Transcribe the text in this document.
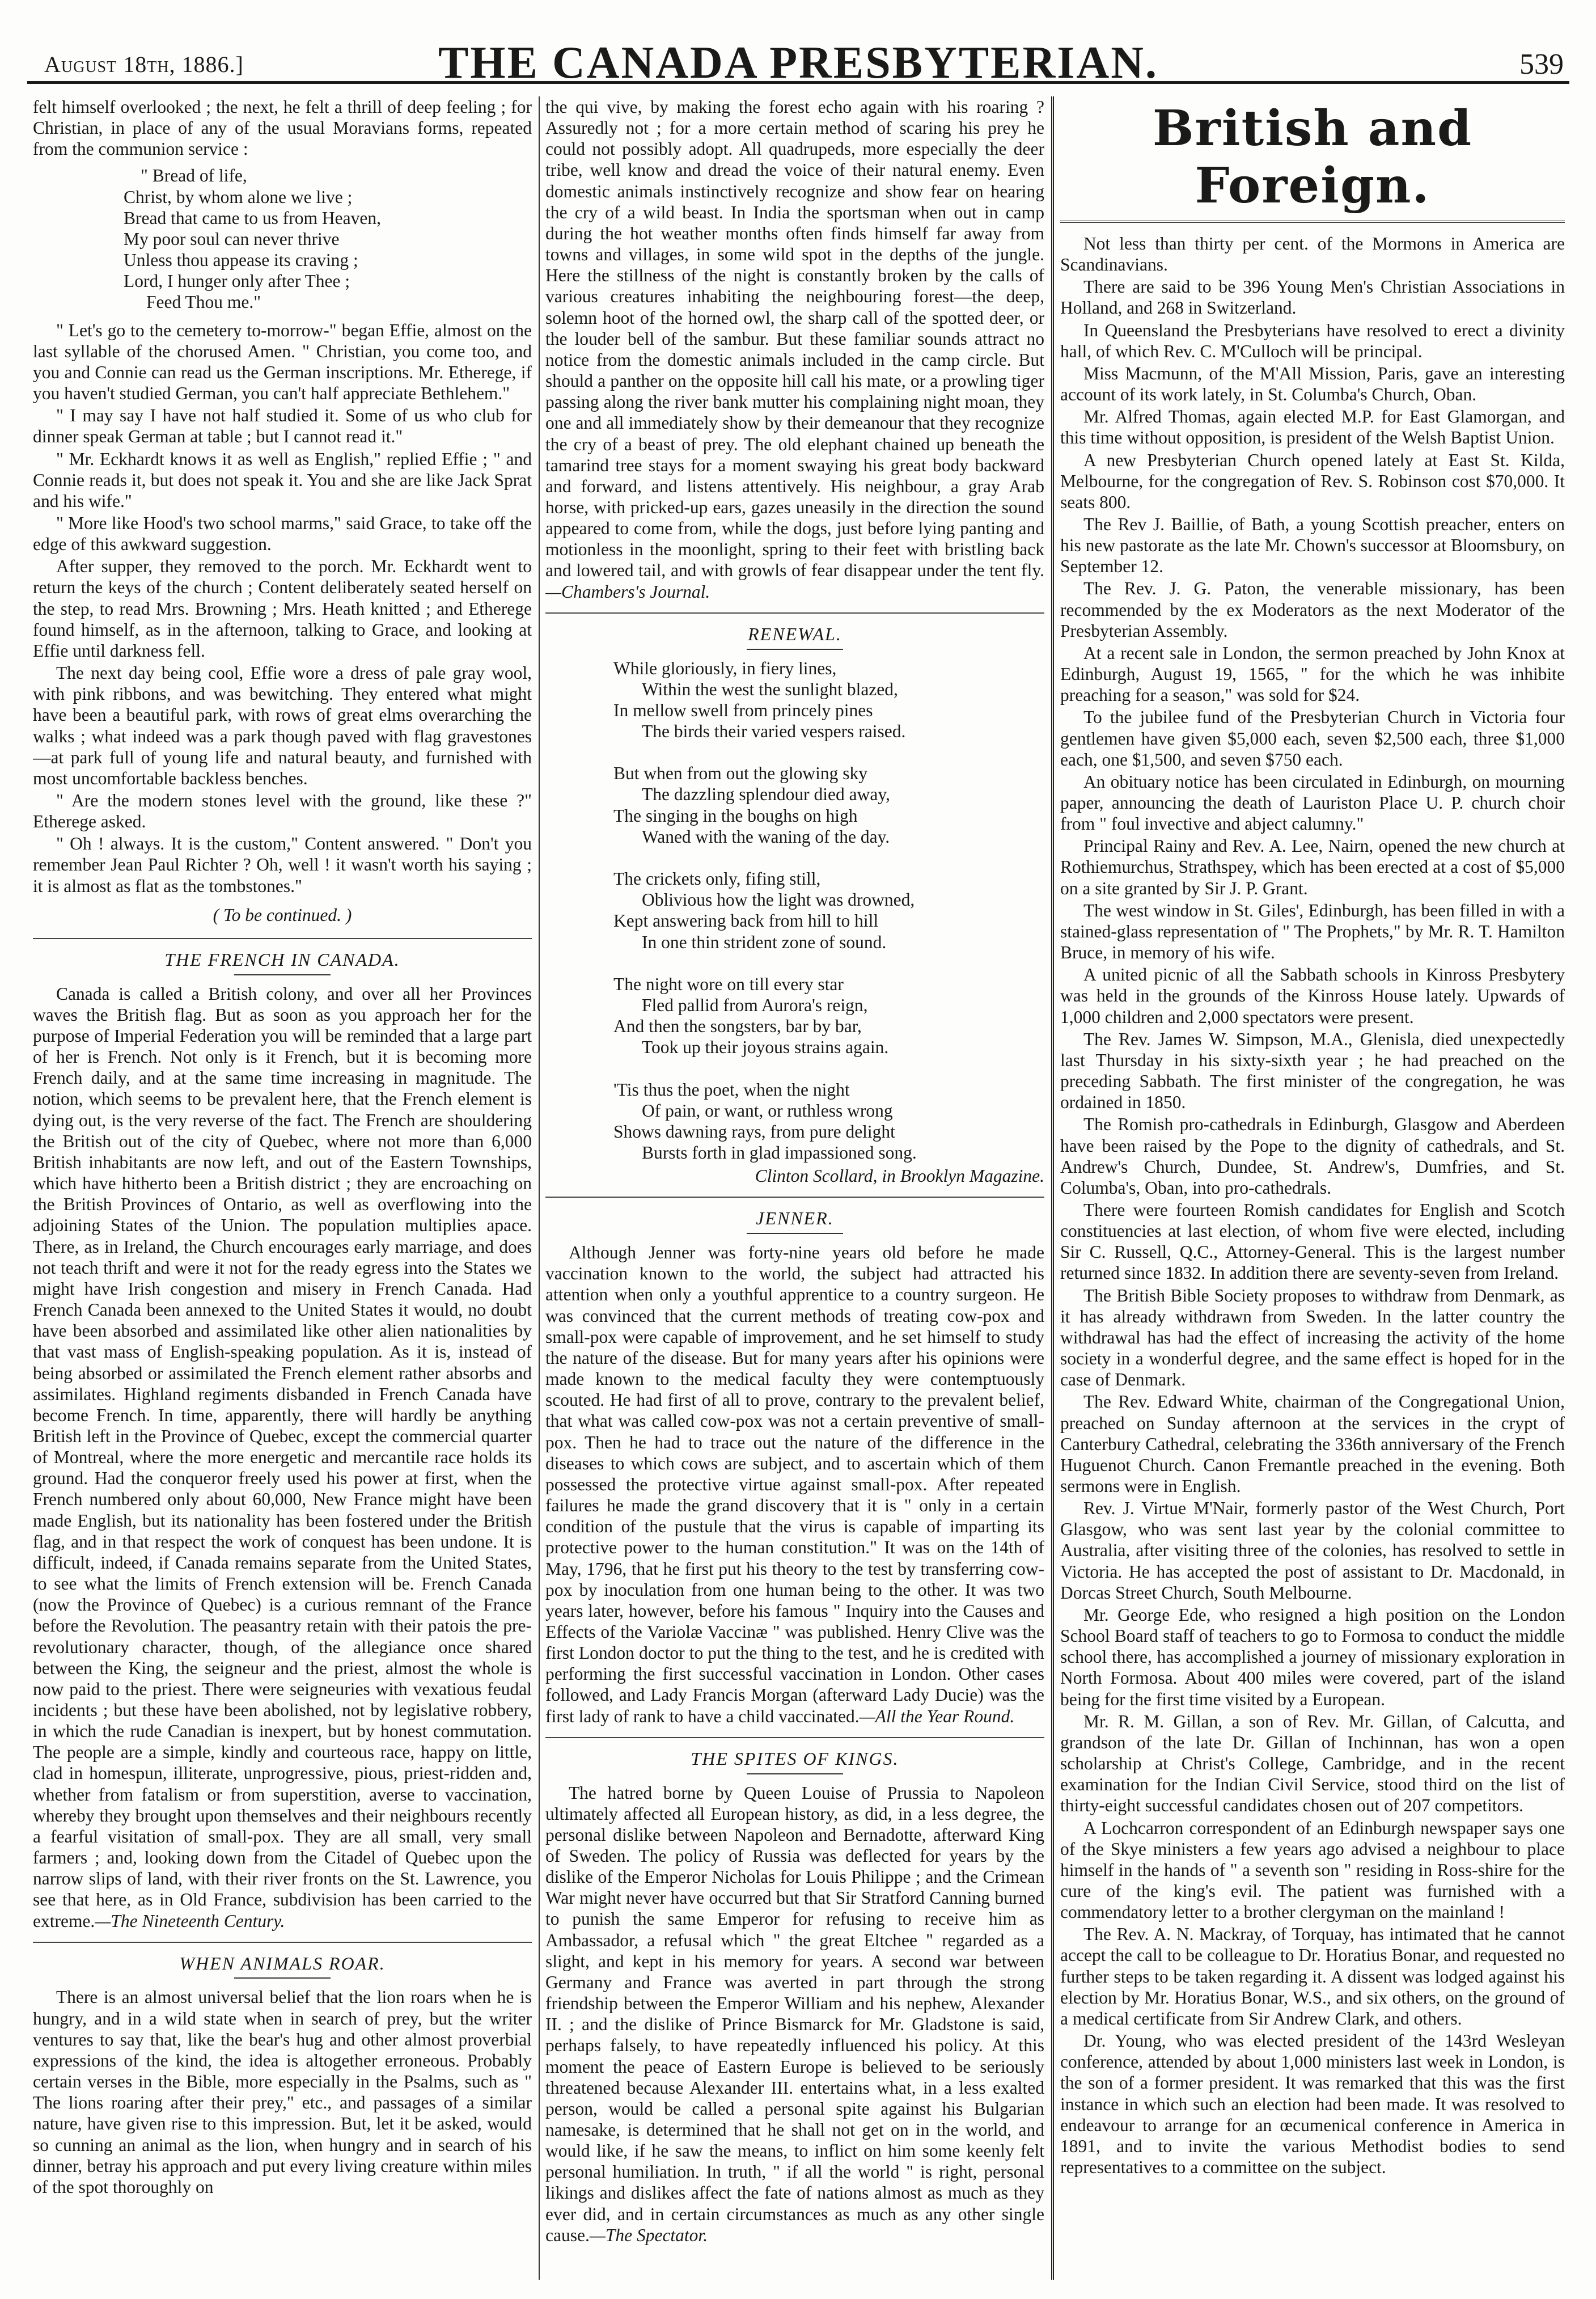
August 18th, 1886.]	THE CANADA PRESBYTERIAN.	539

felt himself overlooked ; the next, he felt a thrill of deep feeling ; for Christian, in place of any of the usual Moravians forms, repeated from the communion service :

" Bread of life,
Christ, by whom alone we live ;
Bread that came to us from Heaven,
My poor soul can never thrive
Unless thou appease its craving ;
Lord, I hunger only after Thee ;
Feed Thou me."

" Let's go to the cemetery to-morrow-" began Effie, almost on the last syllable of the chorused Amen. " Christian, you come too, and you and Connie can read us the German inscriptions. Mr. Etherege, if you haven't studied German, you can't half appreciate Bethlehem."

" I may say I have not half studied it. Some of us who club for dinner speak German at table ; but I cannot read it."

" Mr. Eckhardt knows it as well as English," replied Effie ; " and Connie reads it, but does not speak it. You and she are like Jack Sprat and his wife."

" More like Hood's two school marms," said Grace, to take off the edge of this awkward suggestion.

After supper, they removed to the porch. Mr. Eckhardt went to return the keys of the church ; Content deliberately seated herself on the step, to read Mrs. Browning ; Mrs. Heath knitted ; and Etherege found himself, as in the afternoon, talking to Grace, and looking at Effie until darkness fell.

The next day being cool, Effie wore a dress of pale gray wool, with pink ribbons, and was bewitching. They entered what might have been a beautiful park, with rows of great elms overarching the walks ; what indeed was a park though paved with flag gravestones—at park full of young life and natural beauty, and furnished with most uncomfortable backless benches.

" Are the modern stones level with the ground, like these ?" Etherege asked.

" Oh ! always. It is the custom," Content answered. " Don't you remember Jean Paul Richter ? Oh, well ! it wasn't worth his saying ; it is almost as flat as the tombstones."

( To be continued. )
THE FRENCH IN CANADA.

Canada is called a British colony, and over all her Provinces waves the British flag. But as soon as you approach her for the purpose of Imperial Federation you will be reminded that a large part of her is French. Not only is it French, but it is becoming more French daily, and at the same time increasing in magnitude. The notion, which seems to be prevalent here, that the French element is dying out, is the very reverse of the fact. The French are shouldering the British out of the city of Quebec, where not more than 6,000 British inhabitants are now left, and out of the Eastern Townships, which have hitherto been a British district ; they are encroaching on the British Provinces of Ontario, as well as overflowing into the adjoining States of the Union. The population multiplies apace. There, as in Ireland, the Church encourages early marriage, and does not teach thrift and were it not for the ready egress into the States we might have Irish congestion and misery in French Canada. Had French Canada been annexed to the United States it would, no doubt have been absorbed and assimilated like other alien nationalities by that vast mass of English-speaking population. As it is, instead of being absorbed or assimilated the French element rather absorbs and assimilates. Highland regiments disbanded in French Canada have become French. In time, apparently, there will hardly be anything British left in the Province of Quebec, except the commercial quarter of Montreal, where the more energetic and mercantile race holds its ground. Had the conqueror freely used his power at first, when the French numbered only about 60,000, New France might have been made English, but its nationality has been fostered under the British flag, and in that respect the work of conquest has been undone. It is difficult, indeed, if Canada remains separate from the United States, to see what the limits of French extension will be. French Canada (now the Province of Quebec) is a curious remnant of the France before the Revolution. The peasantry retain with their patois the pre-revolutionary character, though, of the allegiance once shared between the King, the seigneur and the priest, almost the whole is now paid to the priest. There were seigneuries with vexatious feudal incidents ; but these have been abolished, not by legislative robbery, in which the rude Canadian is inexpert, but by honest commutation. The people are a simple, kindly and courteous race, happy on little, clad in homespun, illiterate, unprogressive, pious, priest-ridden and, whether from fatalism or from superstition, averse to vaccination, whereby they brought upon themselves and their neighbours recently a fearful visitation of small-pox. They are all small, very small farmers ; and, looking down from the Citadel of Quebec upon the narrow slips of land, with their river fronts on the St. Lawrence, you see that here, as in Old France, subdivision has been carried to the extreme.—The Nineteenth Century.

WHEN ANIMALS ROAR.

There is an almost universal belief that the lion roars when he is hungry, and in a wild state when in search of prey, but the writer ventures to say that, like the bear's hug and other almost proverbial expressions of the kind, the idea is altogether erroneous. Probably certain verses in the Bible, more especially in the Psalms, such as " The lions roaring after their prey," etc., and passages of a similar nature, have given rise to this impression. But, let it be asked, would so cunning an animal as the lion, when hungry and in search of his dinner, betray his approach and put every living creature within miles of the spot thoroughly on

the qui vive, by making the forest echo again with his roaring ? Assuredly not ; for a more certain method of scaring his prey he could not possibly adopt. All quadrupeds, more especially the deer tribe, well know and dread the voice of their natural enemy. Even domestic animals instinctively recognize and show fear on hearing the cry of a wild beast. In India the sportsman when out in camp during the hot weather months often finds himself far away from towns and villages, in some wild spot in the depths of the jungle. Here the stillness of the night is constantly broken by the calls of various creatures inhabiting the neighbouring forest—the deep, solemn hoot of the horned owl, the sharp call of the spotted deer, or the louder bell of the sambur. But these familiar sounds attract no notice from the domestic animals included in the camp circle. But should a panther on the opposite hill call his mate, or a prowling tiger passing along the river bank mutter his complaining night moan, they one and all immediately show by their demeanour that they recognize the cry of a beast of prey. The old elephant chained up beneath the tamarind tree stays for a moment swaying his great body backward and forward, and listens attentively. His neighbour, a gray Arab horse, with pricked-up ears, gazes uneasily in the direction the sound appeared to come from, while the dogs, just before lying panting and motionless in the moonlight, spring to their feet with bristling back and lowered tail, and with growls of fear disappear under the tent fly.—Chambers's Journal.

RENEWAL.
While gloriously, in fiery lines,
Within the west the sunlight blazed,
In mellow swell from princely pines
The birds their varied vespers raised.

But when from out the glowing sky
The dazzling splendour died away,
The singing in the boughs on high
Waned with the waning of the day.

The crickets only, fifing still,
Oblivious how the light was drowned,
Kept answering back from hill to hill
In one thin strident zone of sound.

The night wore on till every star
Fled pallid from Aurora's reign,
And then the songsters, bar by bar,
Took up their joyous strains again.

'Tis thus the poet, when the night
Of pain, or want, or ruthless wrong
Shows dawning rays, from pure delight
Bursts forth in glad impassioned song.
Clinton Scollard, in Brooklyn Magazine.
JENNER.

Although Jenner was forty-nine years old before he made vaccination known to the world, the subject had attracted his attention when only a youthful apprentice to a country surgeon. He was convinced that the current methods of treating cow-pox and small-pox were capable of improvement, and he set himself to study the nature of the disease. But for many years after his opinions were made known to the medical faculty they were contemptuously scouted. He had first of all to prove, contrary to the prevalent belief, that what was called cow-pox was not a certain preventive of small-pox. Then he had to trace out the nature of the difference in the diseases to which cows are subject, and to ascertain which of them possessed the protective virtue against small-pox. After repeated failures he made the grand discovery that it is " only in a certain condition of the pustule that the virus is capable of imparting its protective power to the human constitution." It was on the 14th of May, 1796, that he first put his theory to the test by transferring cow-pox by inoculation from one human being to the other. It was two years later, however, before his famous " Inquiry into the Causes and Effects of the Variolæ Vaccinæ " was published. Henry Clive was the first London doctor to put the thing to the test, and he is credited with performing the first successful vaccination in London. Other cases followed, and Lady Francis Morgan (afterward Lady Ducie) was the first lady of rank to have a child vaccinated.—All the Year Round.

THE SPITES OF KINGS.

The hatred borne by Queen Louise of Prussia to Napoleon ultimately affected all European history, as did, in a less degree, the personal dislike between Napoleon and Bernadotte, afterward King of Sweden. The policy of Russia was deflected for years by the dislike of the Emperor Nicholas for Louis Philippe ; and the Crimean War might never have occurred but that Sir Stratford Canning burned to punish the same Emperor for refusing to receive him as Ambassador, a refusal which " the great Eltchee " regarded as a slight, and kept in his memory for years. A second war between Germany and France was averted in part through the strong friendship between the Emperor William and his nephew, Alexander II. ; and the dislike of Prince Bismarck for Mr. Gladstone is said, perhaps falsely, to have repeatedly influenced his policy. At this moment the peace of Eastern Europe is believed to be seriously threatened because Alexander III. entertains what, in a less exalted person, would be called a personal spite against his Bulgarian namesake, is determined that he shall not get on in the world, and would like, if he saw the means, to inflict on him some keenly felt personal humiliation. In truth, " if all the world " is right, personal likings and dislikes affect the fate of nations almost as much as they ever did, and in certain circumstances as much as any other single cause.—The Spectator.

British and Foreign.

Not less than thirty per cent. of the Mormons in America are Scandinavians.

There are said to be 396 Young Men's Christian Associations in Holland, and 268 in Switzerland.

In Queensland the Presbyterians have resolved to erect a divinity hall, of which Rev. C. M'Culloch will be principal.

Miss Macmunn, of the M'All Mission, Paris, gave an interesting account of its work lately, in St. Columba's Church, Oban.

Mr. Alfred Thomas, again elected M.P. for East Glamorgan, and this time without opposition, is president of the Welsh Baptist Union.

A new Presbyterian Church opened lately at East St. Kilda, Melbourne, for the congregation of Rev. S. Robinson cost $70,000. It seats 800.

The Rev J. Baillie, of Bath, a young Scottish preacher, enters on his new pastorate as the late Mr. Chown's successor at Bloomsbury, on September 12.

The Rev. J. G. Paton, the venerable missionary, has been recommended by the ex Moderators as the next Moderator of the Presbyterian Assembly.

At a recent sale in London, the sermon preached by John Knox at Edinburgh, August 19, 1565, " for the which he was inhibite preaching for a season," was sold for $24.

To the jubilee fund of the Presbyterian Church in Victoria four gentlemen have given $5,000 each, seven $2,500 each, three $1,000 each, one $1,500, and seven $750 each.

An obituary notice has been circulated in Edinburgh, on mourning paper, announcing the death of Lauriston Place U. P. church choir from " foul invective and abject calumny."

Principal Rainy and Rev. A. Lee, Nairn, opened the new church at Rothiemurchus, Strathspey, which has been erected at a cost of $5,000 on a site granted by Sir J. P. Grant.

The west window in St. Giles', Edinburgh, has been filled in with a stained-glass representation of " The Prophets," by Mr. R. T. Hamilton Bruce, in memory of his wife.

A united picnic of all the Sabbath schools in Kinross Presbytery was held in the grounds of the Kinross House lately. Upwards of 1,000 children and 2,000 spectators were present.

The Rev. James W. Simpson, M.A., Glenisla, died unexpectedly last Thursday in his sixty-sixth year ; he had preached on the preceding Sabbath. The first minister of the congregation, he was ordained in 1850.

The Romish pro-cathedrals in Edinburgh, Glasgow and Aberdeen have been raised by the Pope to the dignity of cathedrals, and St. Andrew's Church, Dundee, St. Andrew's, Dumfries, and St. Columba's, Oban, into pro-cathedrals.

There were fourteen Romish candidates for English and Scotch constituencies at last election, of whom five were elected, including Sir C. Russell, Q.C., Attorney-General. This is the largest number returned since 1832. In addition there are seventy-seven from Ireland.

The British Bible Society proposes to withdraw from Denmark, as it has already withdrawn from Sweden. In the latter country the withdrawal has had the effect of increasing the activity of the home society in a wonderful degree, and the same effect is hoped for in the case of Denmark.

The Rev. Edward White, chairman of the Congregational Union, preached on Sunday afternoon at the services in the crypt of Canterbury Cathedral, celebrating the 336th anniversary of the French Huguenot Church. Canon Fremantle preached in the evening. Both sermons were in English.

Rev. J. Virtue M'Nair, formerly pastor of the West Church, Port Glasgow, who was sent last year by the colonial committee to Australia, after visiting three of the colonies, has resolved to settle in Victoria. He has accepted the post of assistant to Dr. Macdonald, in Dorcas Street Church, South Melbourne.

Mr. George Ede, who resigned a high position on the London School Board staff of teachers to go to Formosa to conduct the middle school there, has accomplished a journey of missionary exploration in North Formosa. About 400 miles were covered, part of the island being for the first time visited by a European.

Mr. R. M. Gillan, a son of Rev. Mr. Gillan, of Calcutta, and grandson of the late Dr. Gillan of Inchinnan, has won a open scholarship at Christ's College, Cambridge, and in the recent examination for the Indian Civil Service, stood third on the list of thirty-eight successful candidates chosen out of 207 competitors.

A Lochcarron correspondent of an Edinburgh newspaper says one of the Skye ministers a few years ago advised a neighbour to place himself in the hands of " a seventh son " residing in Ross-shire for the cure of the king's evil. The patient was furnished with a commendatory letter to a brother clergyman on the mainland !

The Rev. A. N. Mackray, of Torquay, has intimated that he cannot accept the call to be colleague to Dr. Horatius Bonar, and requested no further steps to be taken regarding it. A dissent was lodged against his election by Mr. Horatius Bonar, W.S., and six others, on the ground of a medical certificate from Sir Andrew Clark, and others.

Dr. Young, who was elected president of the 143rd Wesleyan conference, attended by about 1,000 ministers last week in London, is the son of a former president. It was remarked that this was the first instance in which such an election had been made. It was resolved to endeavour to arrange for an œcumenical conference in America in 1891, and to invite the various Methodist bodies to send representatives to a committee on the subject.
